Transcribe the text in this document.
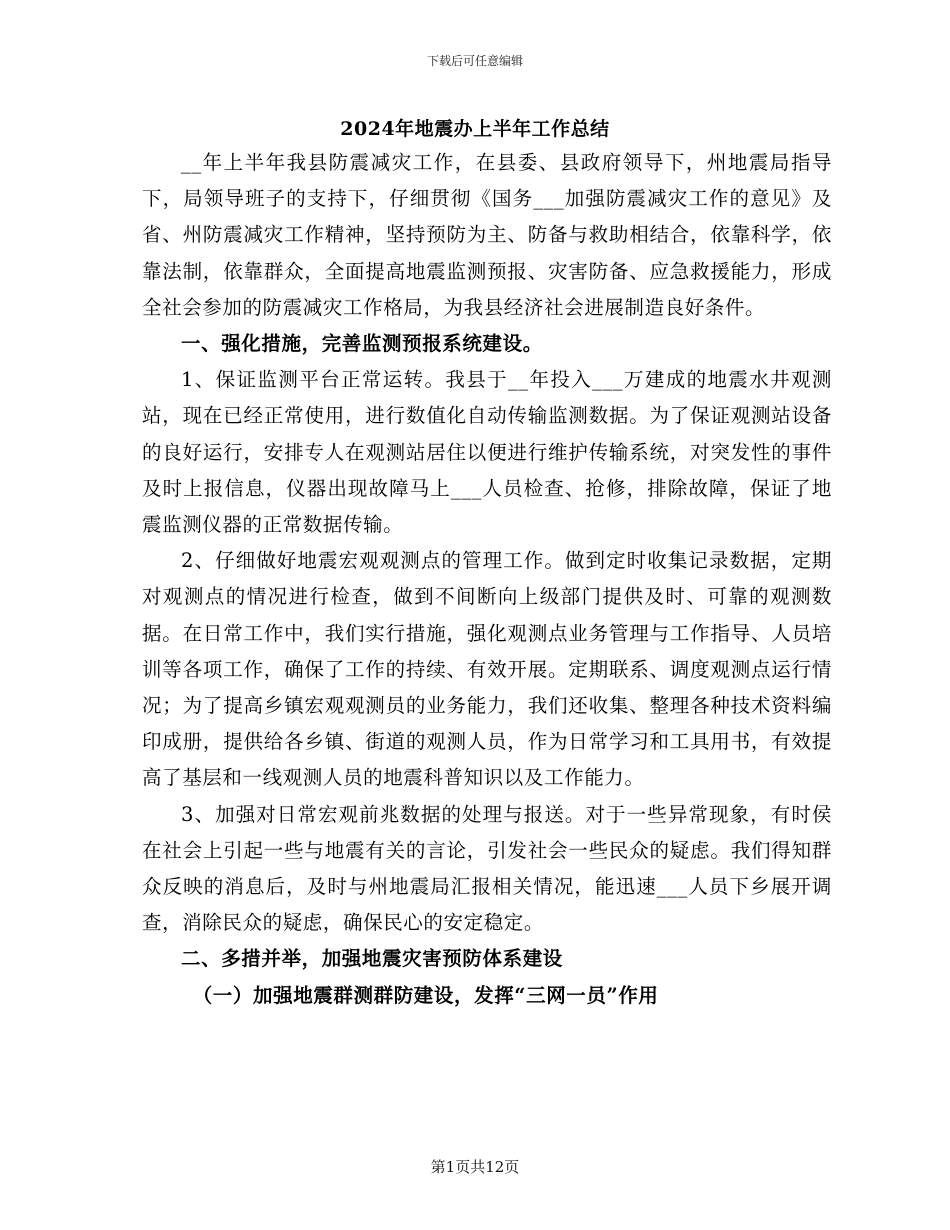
下载后可任意编辑
2024年地震办上半年工作总结

__年上半年我县防震减灾工作，在县委、县政府领导下，州地震局指导下，局领导班子的支持下，仔细贯彻《国务___加强防震减灾工作的意见》及省、州防震减灾工作精神，坚持预防为主、防备与救助相结合，依靠科学，依靠法制，依靠群众，全面提高地震监测预报、灾害防备、应急救援能力，形成全社会参加的防震减灾工作格局，为我县经济社会进展制造良好条件。

一、强化措施，完善监测预报系统建设。

1、保证监测平台正常运转。我县于__年投入___万建成的地震水井观测站，现在已经正常使用，进行数值化自动传输监测数据。为了保证观测站设备的良好运行，安排专人在观测站居住以便进行维护传输系统，对突发性的事件及时上报信息，仪器出现故障马上___人员检查、抢修，排除故障，保证了地震监测仪器的正常数据传输。

2、仔细做好地震宏观观测点的管理工作。做到定时收集记录数据，定期对观测点的情况进行检查，做到不间断向上级部门提供及时、可靠的观测数据。在日常工作中，我们实行措施，强化观测点业务管理与工作指导、人员培训等各项工作，确保了工作的持续、有效开展。定期联系、调度观测点运行情况；为了提高乡镇宏观观测员的业务能力，我们还收集、整理各种技术资料编印成册，提供给各乡镇、街道的观测人员，作为日常学习和工具用书，有效提高了基层和一线观测人员的地震科普知识以及工作能力。

3、加强对日常宏观前兆数据的处理与报送。对于一些异常现象，有时侯在社会上引起一些与地震有关的言论，引发社会一些民众的疑虑。我们得知群众反映的消息后，及时与州地震局汇报相关情况，能迅速___人员下乡展开调查，消除民众的疑虑，确保民心的安定稳定。

二、多措并举，加强地震灾害预防体系建设

（一）加强地震群测群防建设，发挥“三网一员”作用

第1页共12页
